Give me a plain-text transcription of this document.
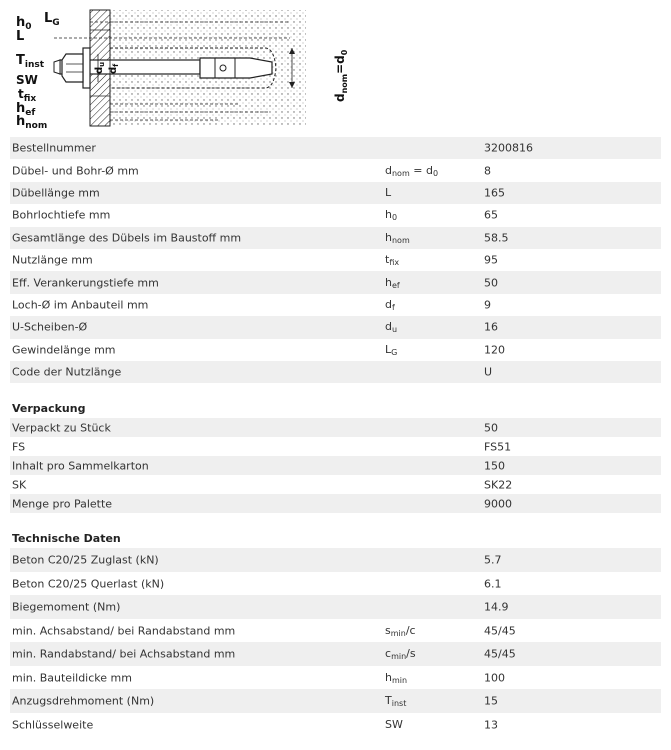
$h_0$
$L_G$
L
$T_{inst}$
SW
$t_{fix}$
$h_{ef}$
$h_{nom}$
$d_u$
$d_f$
$d_{nom}=d_0$
Bestellnummer	3200816
Dübel- und Bohr-Ø mm	$d_{nom} = d_0$	8
Dübellänge mm	L	165
Bohrlochtiefe mm	$h_0$	65
Gesamtlänge des Dübels im Baustoff mm	$h_{nom}$	58.5
Nutzlänge mm	$t_{fix}$	95
Eff. Verankerungstiefe mm	$h_{ef}$	50
Loch-Ø im Anbauteil mm	$d_f$	9
U-Scheiben-Ø	$d_u$	16
Gewindelänge mm	$L_G$	120
Code der Nutzlänge	U
Verpackung
Verpackt zu Stück	50
FS	FS51
Inhalt pro Sammelkarton	150
SK	SK22
Menge pro Palette	9000
Technische Daten
Beton C20/25 Zuglast (kN)	5.7
Beton C20/25 Querlast (kN)	6.1
Biegemoment (Nm)	14.9
min. Achsabstand/ bei Randabstand mm	$s_{min}/c$	45/45
min. Randabstand/ bei Achsabstand mm	$c_{min}/s$	45/45
min. Bauteildicke mm	$h_{min}$	100
Anzugsdrehmoment (Nm)	$T_{inst}$	15
Schlüsselweite	SW	13
